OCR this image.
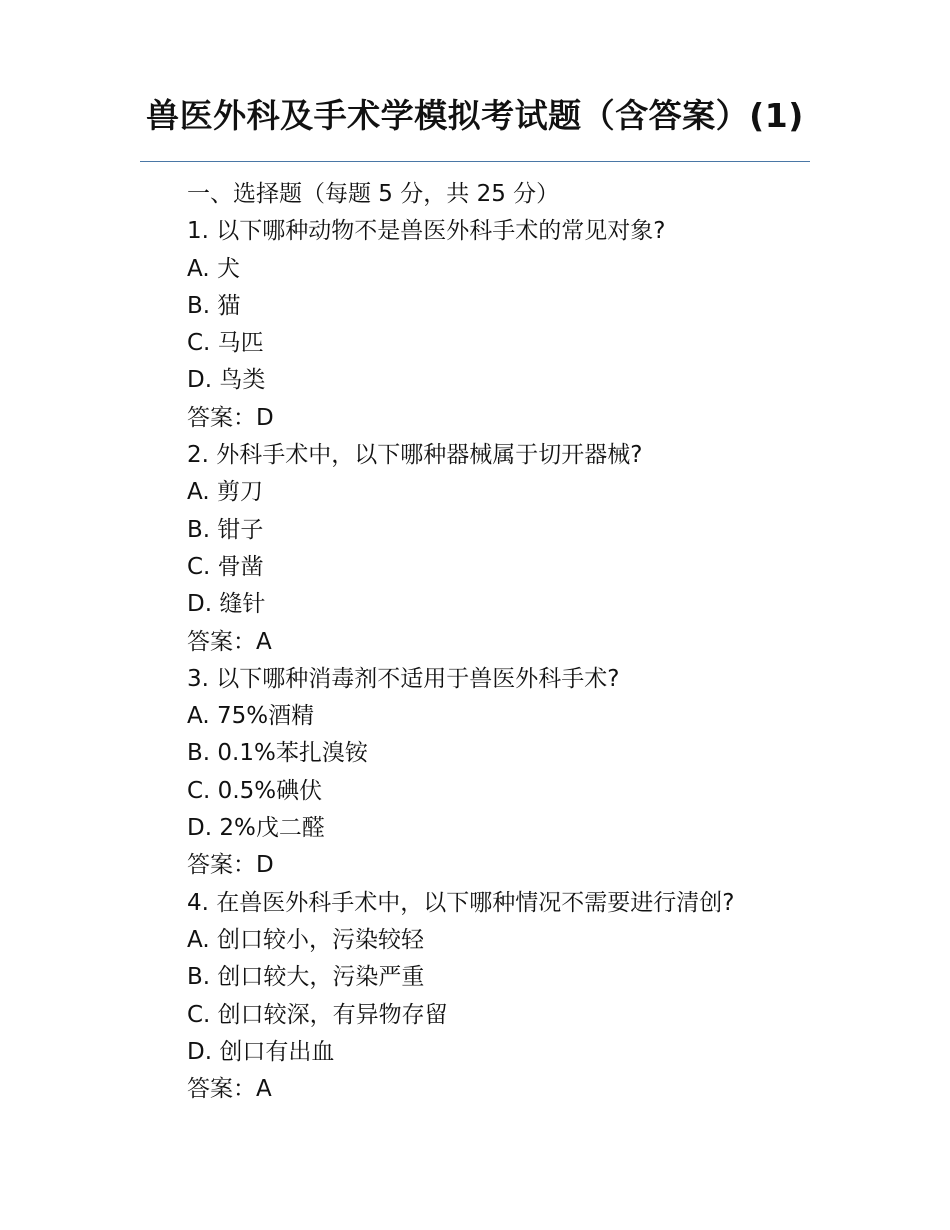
兽医外科及手术学模拟考试题（含答案）(1)
一、选择题（每题 5 分，共 25 分）
1. 以下哪种动物不是兽医外科手术的常见对象?
A. 犬
B. 猫
C. 马匹
D. 鸟类
答案：D
2. 外科手术中，以下哪种器械属于切开器械?
A. 剪刀
B. 钳子
C. 骨凿
D. 缝针
答案：A
3. 以下哪种消毒剂不适用于兽医外科手术?
A. 75%酒精
B. 0.1%苯扎溴铵
C. 0.5%碘伏
D. 2%戊二醛
答案：D
4. 在兽医外科手术中，以下哪种情况不需要进行清创?
A. 创口较小，污染较轻
B. 创口较大，污染严重
C. 创口较深，有异物存留
D. 创口有出血
答案：A
